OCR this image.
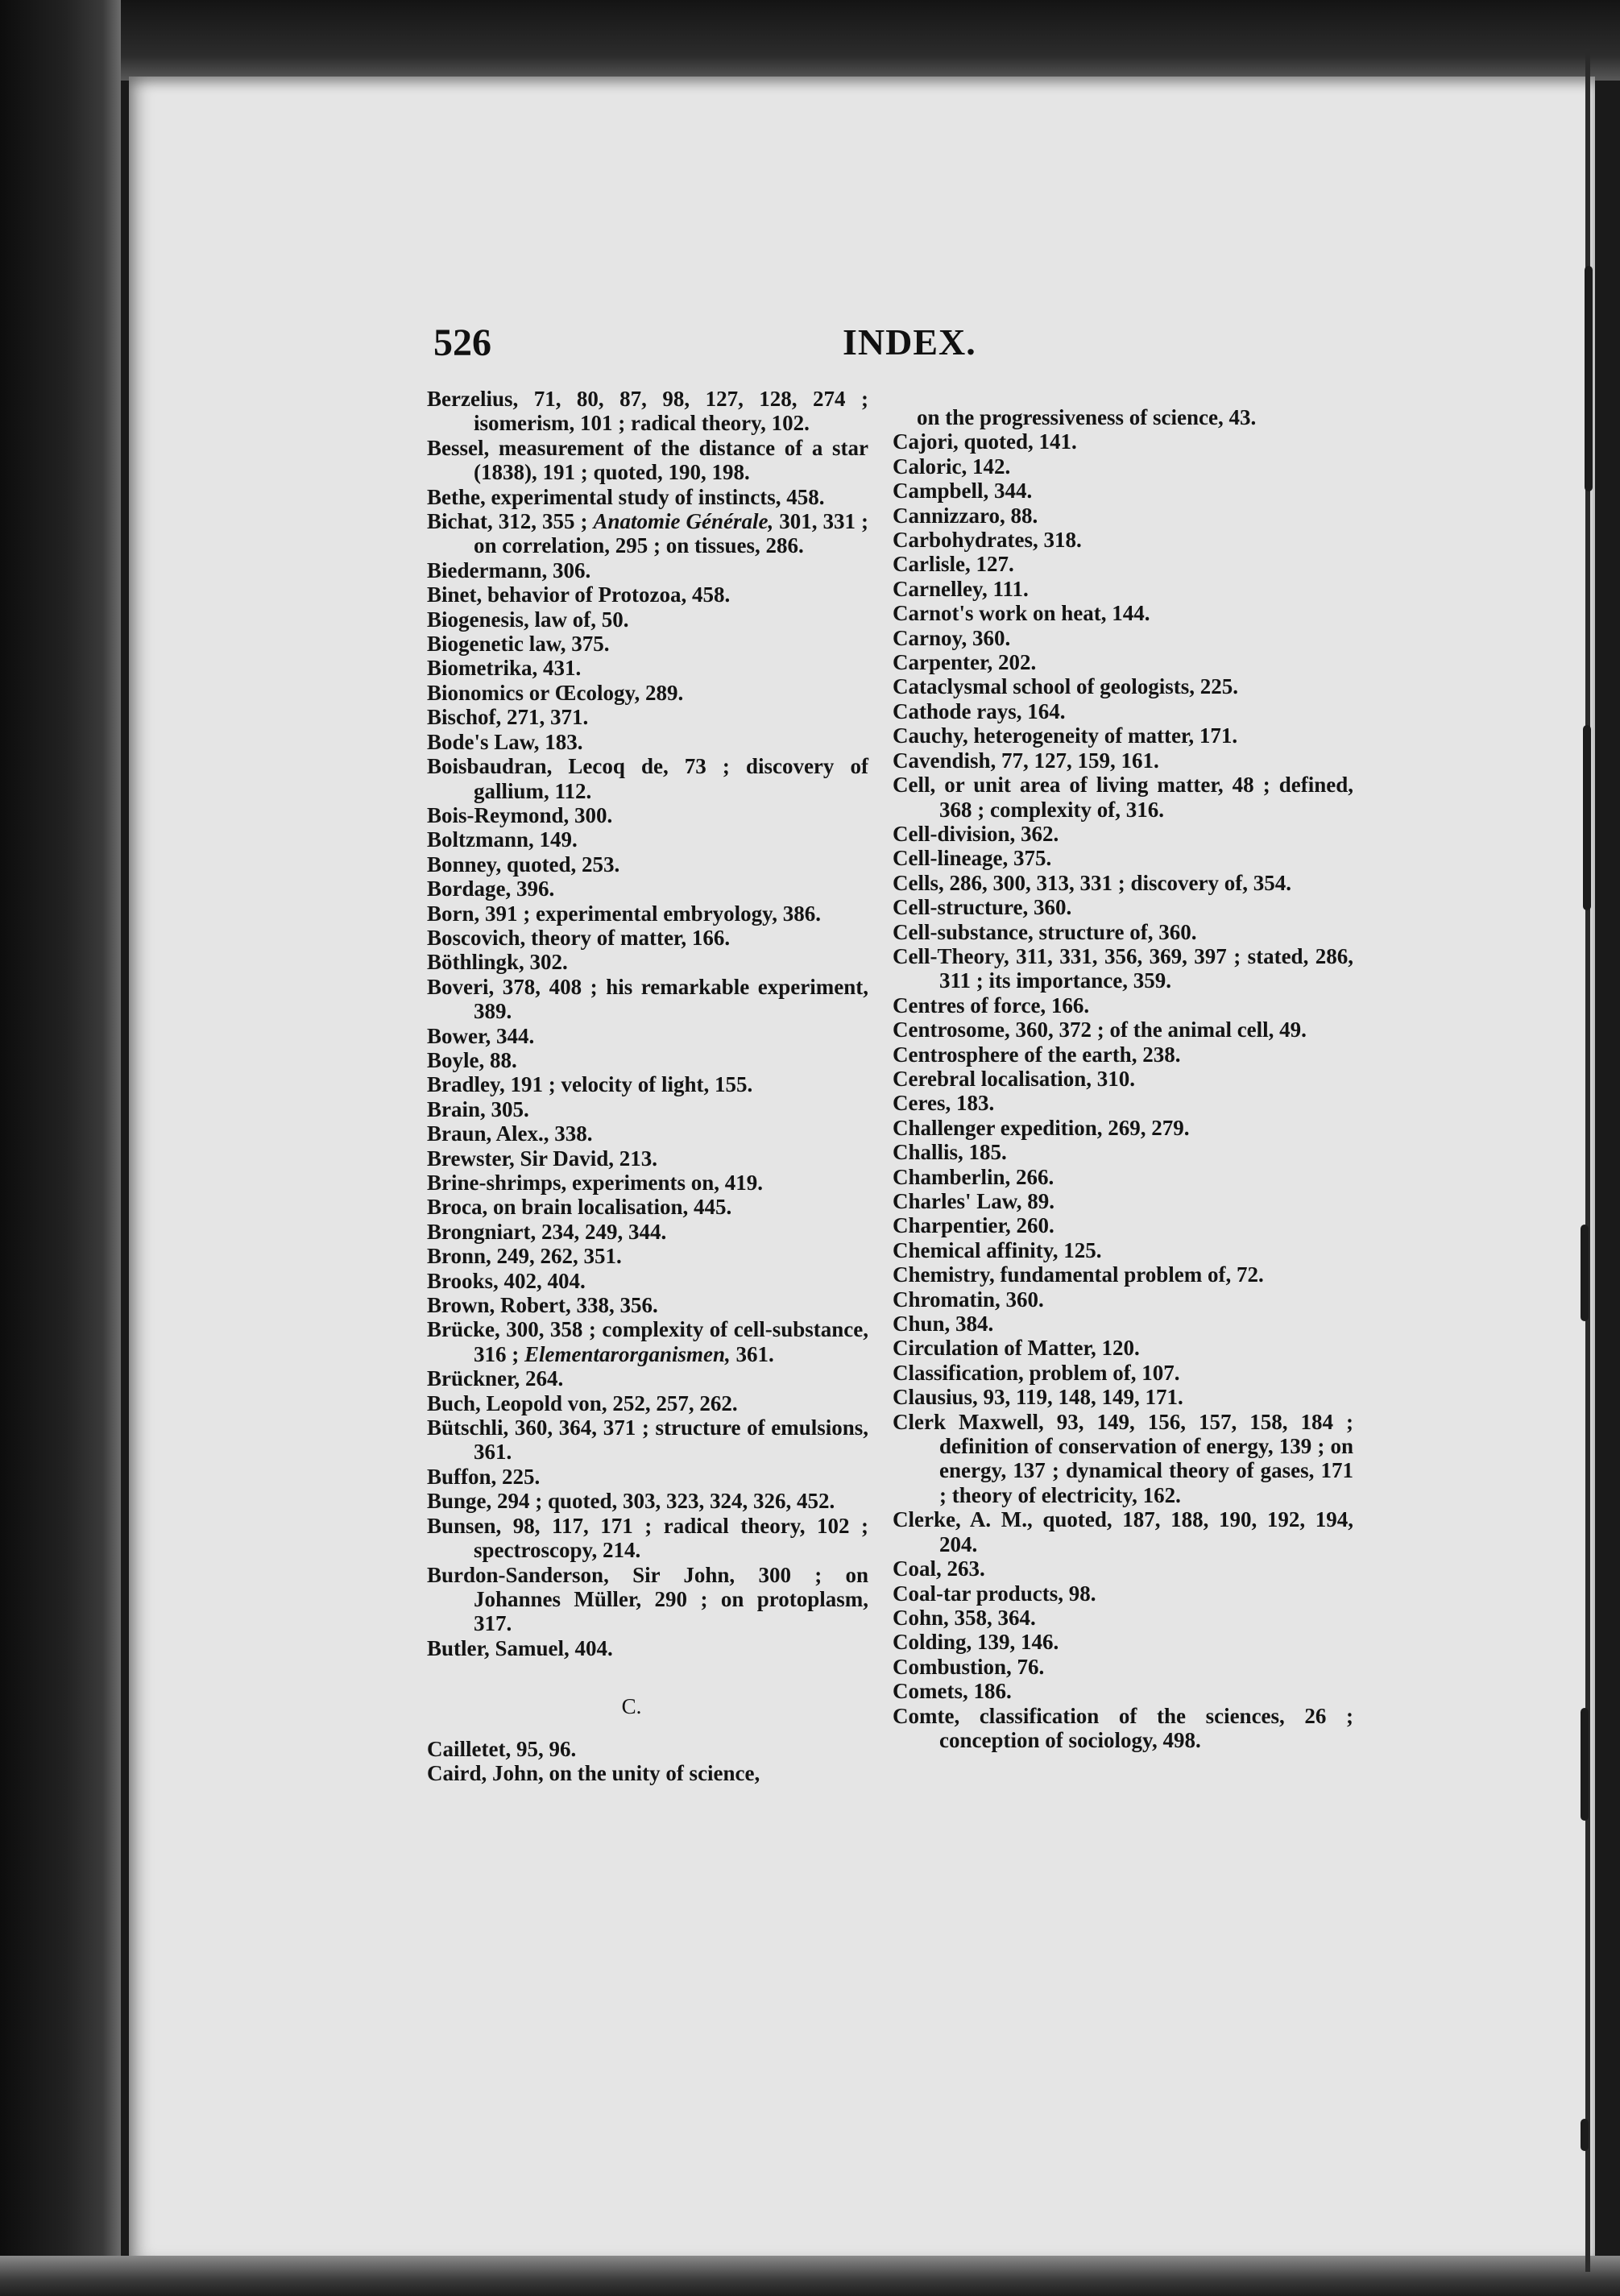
526	INDEX.

Berzelius, 71, 80, 87, 98, 127, 128, 274 ; isomerism, 101 ; radical theory, 102.

Bessel, measurement of the distance of a star (1838), 191 ; quoted, 190, 198.

Bethe, experimental study of instincts, 458.

Bichat, 312, 355 ; Anatomie Générale, 301, 331 ; on correlation, 295 ; on tissues, 286.

Biedermann, 306.

Binet, behavior of Protozoa, 458.

Biogenesis, law of, 50.

Biogenetic law, 375.

Biometrika, 431.

Bionomics or Œcology, 289.

Bischof, 271, 371.

Bode's Law, 183.

Boisbaudran, Lecoq de, 73 ; discovery of gallium, 112.

Bois-Reymond, 300.

Boltzmann, 149.

Bonney, quoted, 253.

Bordage, 396.

Born, 391 ; experimental embryology, 386.

Boscovich, theory of matter, 166.

Böthlingk, 302.

Boveri, 378, 408 ; his remarkable experiment, 389.

Bower, 344.

Boyle, 88.

Bradley, 191 ; velocity of light, 155.

Brain, 305.

Braun, Alex., 338.

Brewster, Sir David, 213.

Brine-shrimps, experiments on, 419.

Broca, on brain localisation, 445.

Brongniart, 234, 249, 344.

Bronn, 249, 262, 351.

Brooks, 402, 404.

Brown, Robert, 338, 356.

Brücke, 300, 358 ; complexity of cell-substance, 316 ; Elementarorganismen, 361.

Brückner, 264.

Buch, Leopold von, 252, 257, 262.

Bütschli, 360, 364, 371 ; structure of emulsions, 361.

Buffon, 225.

Bunge, 294 ; quoted, 303, 323, 324, 326, 452.

Bunsen, 98, 117, 171 ; radical theory, 102 ; spectroscopy, 214.

Burdon-Sanderson, Sir John, 300 ; on Johannes Müller, 290 ; on protoplasm, 317.

Butler, Samuel, 404.

C.

Cailletet, 95, 96.

Caird, John, on the unity of science,

on the progressiveness of science, 43.

Cajori, quoted, 141.

Caloric, 142.

Campbell, 344.

Cannizzaro, 88.

Carbohydrates, 318.

Carlisle, 127.

Carnelley, 111.

Carnot's work on heat, 144.

Carnoy, 360.

Carpenter, 202.

Cataclysmal school of geologists, 225.

Cathode rays, 164.

Cauchy, heterogeneity of matter, 171.

Cavendish, 77, 127, 159, 161.

Cell, or unit area of living matter, 48 ; defined, 368 ; complexity of, 316.

Cell-division, 362.

Cell-lineage, 375.

Cells, 286, 300, 313, 331 ; discovery of, 354.

Cell-structure, 360.

Cell-substance, structure of, 360.

Cell-Theory, 311, 331, 356, 369, 397 ; stated, 286, 311 ; its importance, 359.

Centres of force, 166.

Centrosome, 360, 372 ; of the animal cell, 49.

Centrosphere of the earth, 238.

Cerebral localisation, 310.

Ceres, 183.

Challenger expedition, 269, 279.

Challis, 185.

Chamberlin, 266.

Charles' Law, 89.

Charpentier, 260.

Chemical affinity, 125.

Chemistry, fundamental problem of, 72.

Chromatin, 360.

Chun, 384.

Circulation of Matter, 120.

Classification, problem of, 107.

Clausius, 93, 119, 148, 149, 171.

Clerk Maxwell, 93, 149, 156, 157, 158, 184 ; definition of conservation of energy, 139 ; on energy, 137 ; dynamical theory of gases, 171 ; theory of electricity, 162.

Clerke, A. M., quoted, 187, 188, 190, 192, 194, 204.

Coal, 263.

Coal-tar products, 98.

Cohn, 358, 364.

Colding, 139, 146.

Combustion, 76.

Comets, 186.

Comte, classification of the sciences, 26 ; conception of sociology, 498.
